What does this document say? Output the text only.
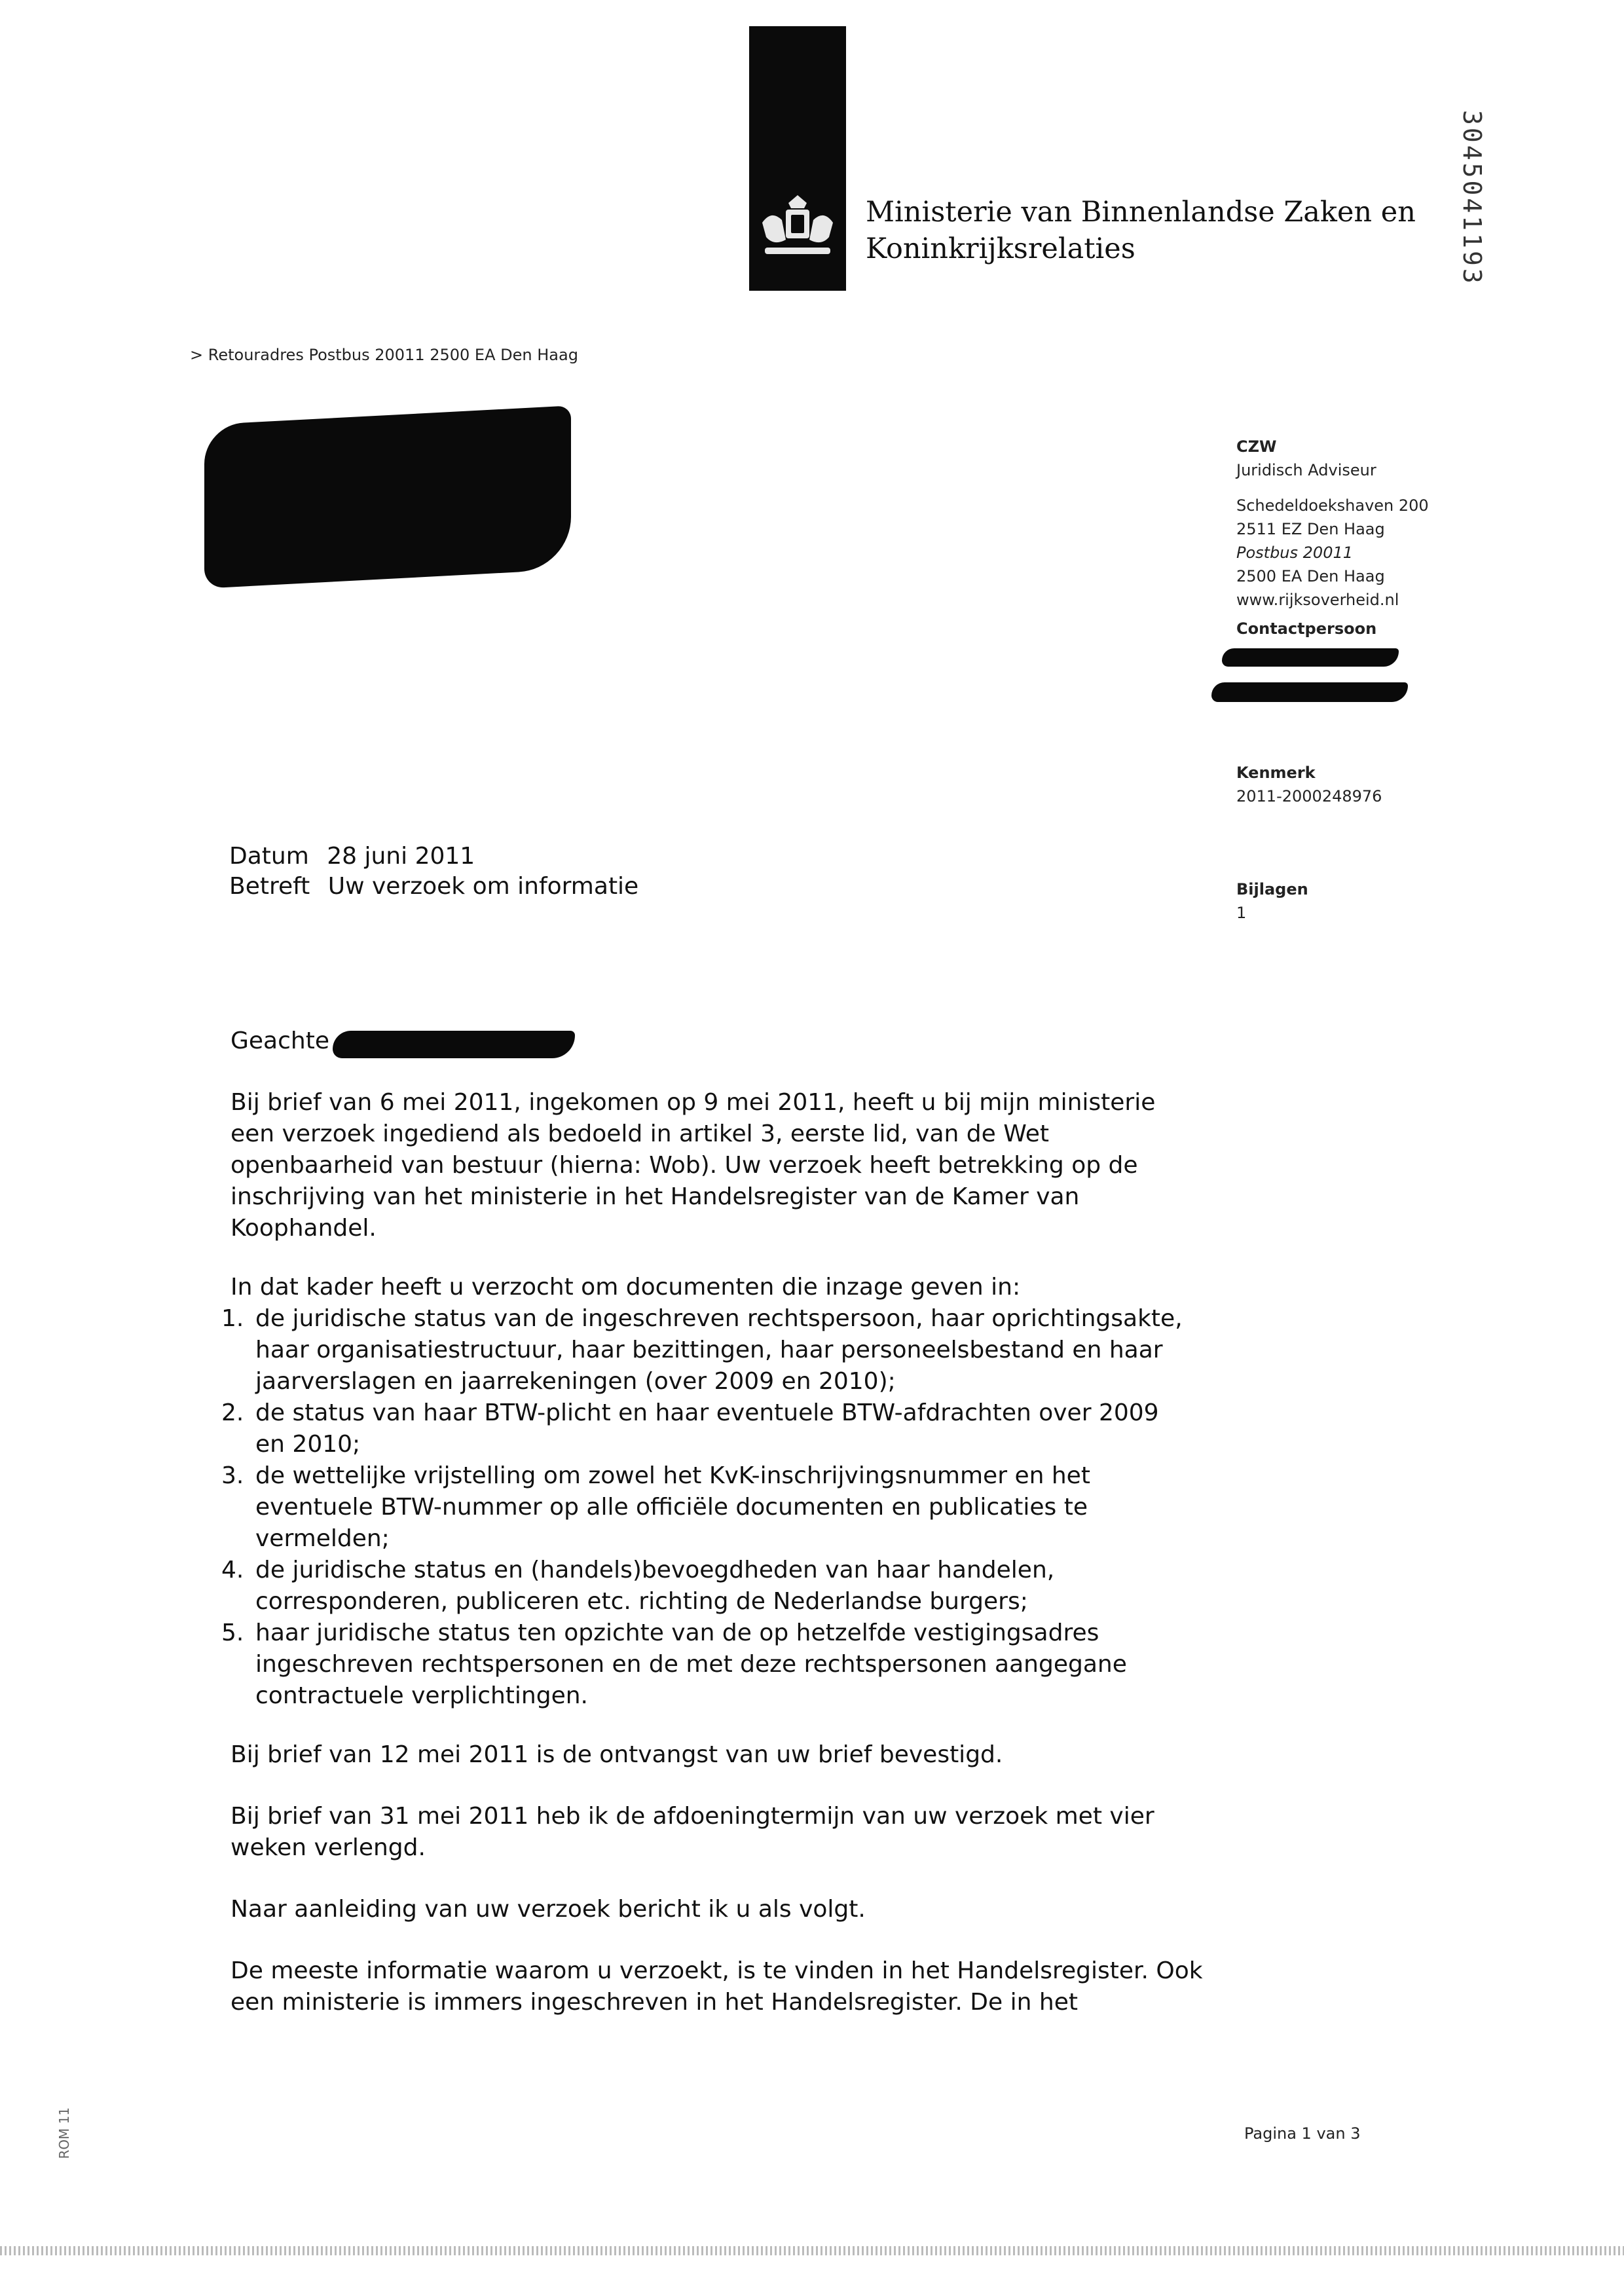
Ministerie van Binnenlandse Zaken en
Koninkrijksrelaties	3045041193
> Retouradres Postbus 20011 2500 EA Den Haag
CZW
Juridisch Adviseur
Schedeldoekshaven 200
2511 EZ Den Haag
Postbus 20011
2500 EA Den Haag
www.rijksoverheid.nl
Contactpersoon
Kenmerk
2011-2000248976
Bijlagen
1
Datum 28 juni 2011
Betreft Uw verzoek om informatie
Geachte
Bij brief van 6 mei 2011, ingekomen op 9 mei 2011, heeft u bij mijn ministerie
een verzoek ingediend als bedoeld in artikel 3, eerste lid, van de Wet
openbaarheid van bestuur (hierna: Wob). Uw verzoek heeft betrekking op de
inschrijving van het ministerie in het Handelsregister van de Kamer van
Koophandel.
In dat kader heeft u verzocht om documenten die inzage geven in:
1. de juridische status van de ingeschreven rechtspersoon, haar oprichtingsakte,
haar organisatiestructuur, haar bezittingen, haar personeelsbestand en haar
jaarverslagen en jaarrekeningen (over 2009 en 2010);
2. de status van haar BTW-plicht en haar eventuele BTW-afdrachten over 2009
en 2010;
3. de wettelijke vrijstelling om zowel het KvK-inschrijvingsnummer en het
eventuele BTW-nummer op alle officiële documenten en publicaties te
vermelden;
4. de juridische status en (handels)bevoegdheden van haar handelen,
corresponderen, publiceren etc. richting de Nederlandse burgers;
5. haar juridische status ten opzichte van de op hetzelfde vestigingsadres
ingeschreven rechtspersonen en de met deze rechtspersonen aangegane
contractuele verplichtingen.
Bij brief van 12 mei 2011 is de ontvangst van uw brief bevestigd.
Bij brief van 31 mei 2011 heb ik de afdoeningtermijn van uw verzoek met vier
weken verlengd.
Naar aanleiding van uw verzoek bericht ik u als volgt.
De meeste informatie waarom u verzoekt, is te vinden in het Handelsregister. Ook
een ministerie is immers ingeschreven in het Handelsregister. De in het
Pagina 1 van 3
ROM 11
